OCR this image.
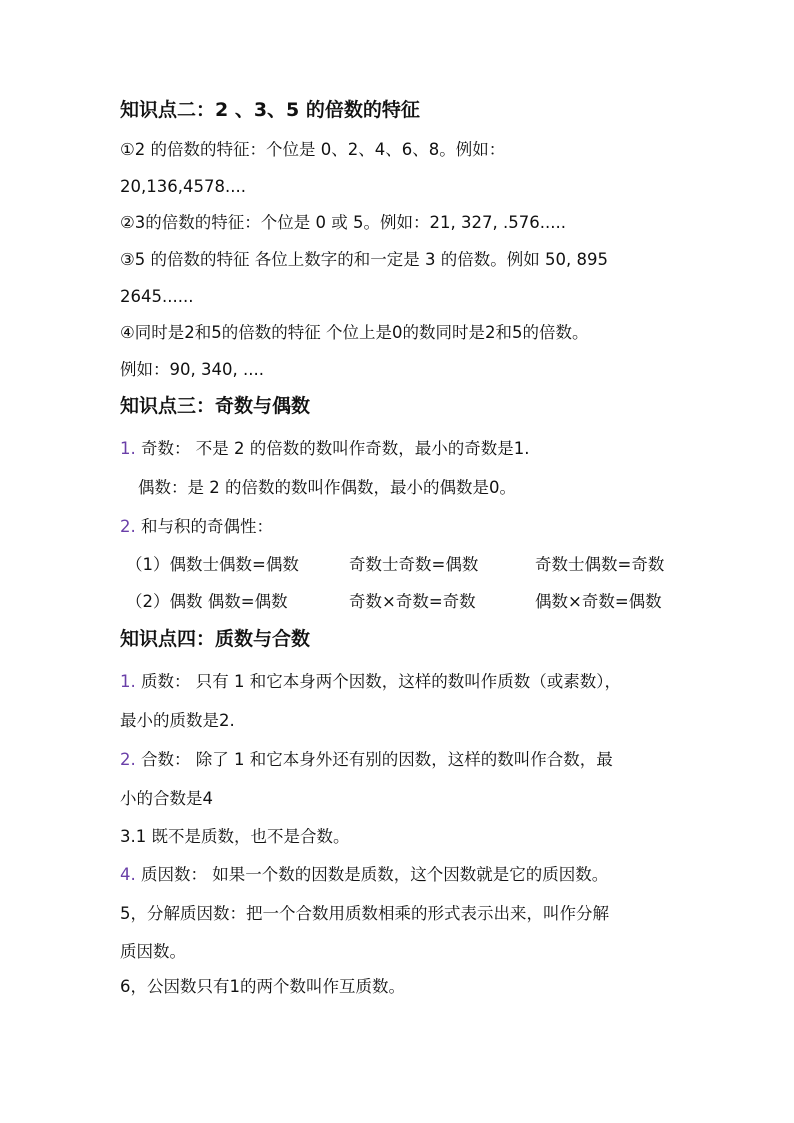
知识点二：2 、3、5 的倍数的特征
①2 的倍数的特征：个位是 0、2、4、6、8。例如：
20,136,4578....
②3的倍数的特征：个位是 0 或 5。例如：21, 327, .576.....
③5 的倍数的特征 各位上数字的和一定是 3 的倍数。例如 50, 895
2645......
④同时是2和5的倍数的特征 个位上是0的数同时是2和5的倍数。
例如：90, 340, ....
知识点三：奇数与偶数
1. 奇数： 不是 2 的倍数的数叫作奇数，最小的奇数是1.
偶数：是 2 的倍数的数叫作偶数，最小的偶数是0。
2. 和与积的奇偶性：
（1）偶数士偶数=偶数	奇数士奇数=偶数	奇数士偶数=奇数
（2）偶数 偶数=偶数	奇数×奇数=奇数	偶数×奇数=偶数
知识点四：质数与合数
1. 质数： 只有 1 和它本身两个因数，这样的数叫作质数（或素数），
最小的质数是2.
2. 合数： 除了 1 和它本身外还有别的因数，这样的数叫作合数，最
小的合数是4
3.1 既不是质数，也不是合数。
4. 质因数： 如果一个数的因数是质数，这个因数就是它的质因数。
5，分解质因数：把一个合数用质数相乘的形式表示出来，叫作分解
质因数。
6，公因数只有1的两个数叫作互质数。
